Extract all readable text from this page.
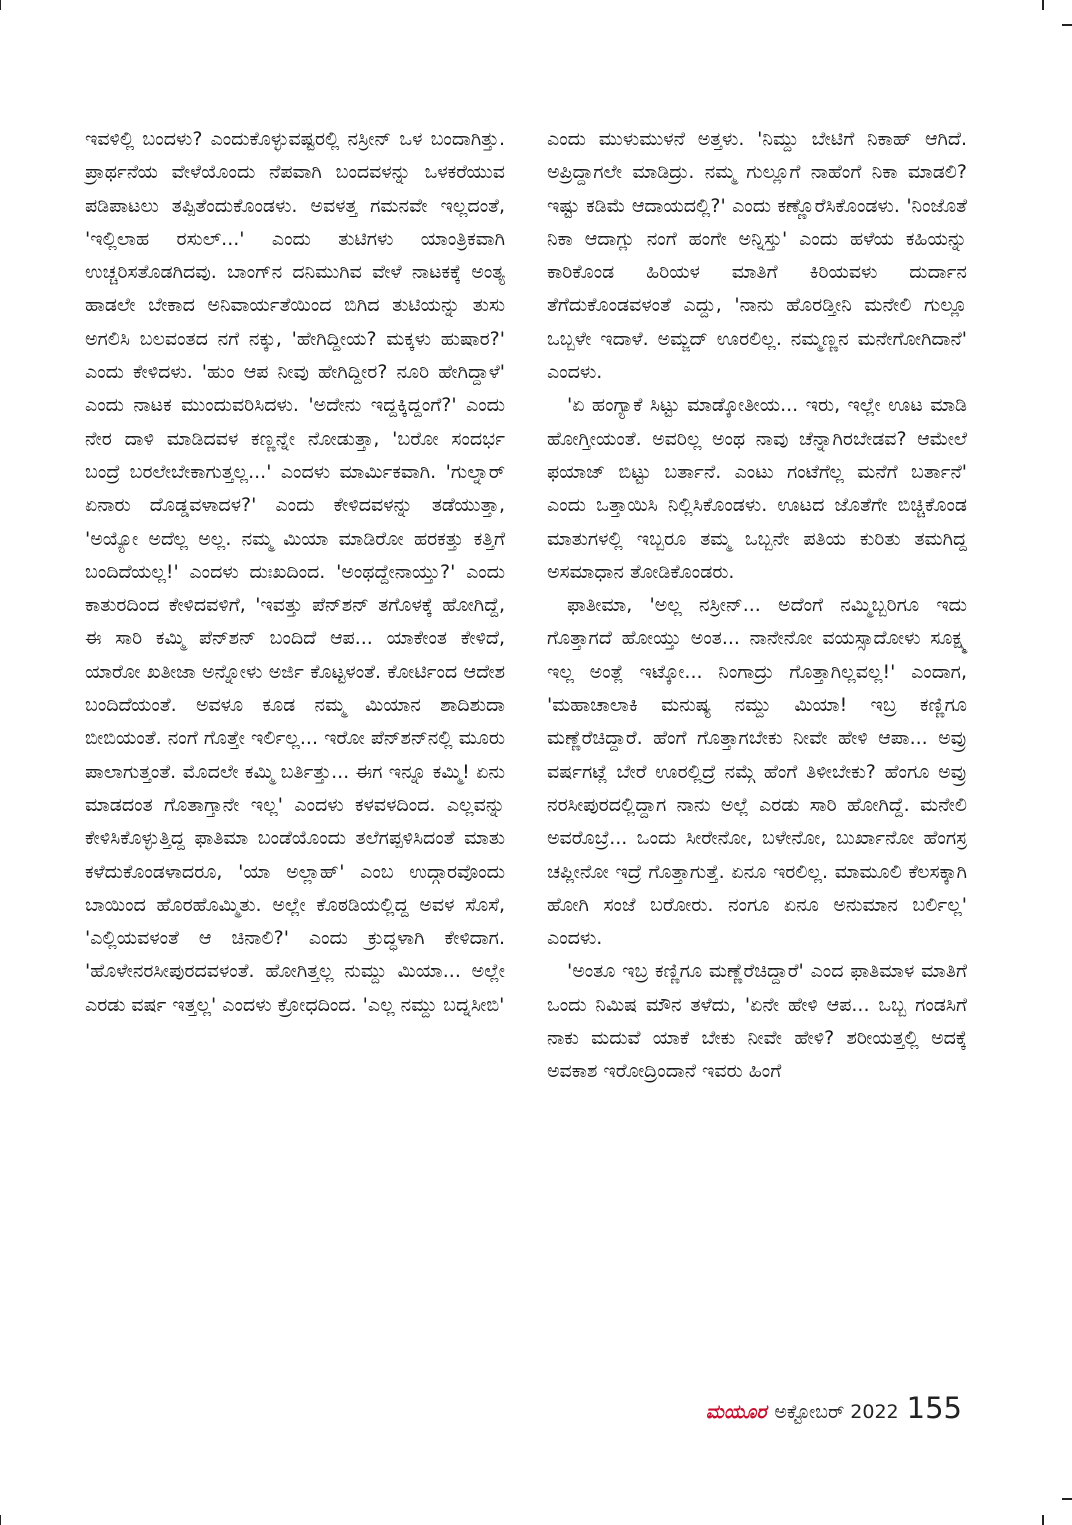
ಇವಳಿಲ್ಲಿ ಬಂದಳು? ಎಂದುಕೊಳ್ಳುವಷ್ಟರಲ್ಲಿ ನಸ್ರೀನ್ ಒಳ ಬಂದಾಗಿತ್ತು. ಪ್ರಾರ್ಥನೆಯ ವೇಳೆಯೊಂದು ನೆಪವಾಗಿ ಬಂದವಳನ್ನು ಒಳಕರೆಯುವ ಪಡಿಪಾಟಲು ತಪ್ಪಿತೆಂದುಕೊಂಡಳು. ಅವಳತ್ತ ಗಮನವೇ ಇಲ್ಲದಂತೆ, 'ಇಲ್ಲಿಲಾಹ ರಸುಲ್...' ಎಂದು ತುಟಿಗಳು ಯಾಂತ್ರಿಕವಾಗಿ ಉಚ್ಚರಿಸತೊಡಗಿದವು. ಬಾಂಗ್‌ನ ದನಿಮುಗಿವ ವೇಳೆ ನಾಟಕಕ್ಕೆ ಅಂತ್ಯ ಹಾಡಲೇ ಬೇಕಾದ ಅನಿವಾರ್ಯತೆಯಿಂದ ಬಿಗಿದ ತುಟಿಯನ್ನು ತುಸು ಅಗಲಿಸಿ ಬಲವಂತದ ನಗೆ ನಕ್ಕು, 'ಹೇಗಿದ್ದೀಯ? ಮಕ್ಕಳು ಹುಷಾರ?' ಎಂದು ಕೇಳಿದಳು. 'ಹುಂ ಆಪ ನೀವು ಹೇಗಿದ್ದೀರ? ನೂರಿ ಹೇಗಿದ್ದಾಳೆ' ಎಂದು ನಾಟಕ ಮುಂದುವರಿಸಿದಳು. 'ಅದೇನು ಇದ್ದಕ್ಕಿದ್ದಂಗೆ?' ಎಂದು ನೇರ ದಾಳಿ ಮಾಡಿದವಳ ಕಣ್ಣನ್ನೇ ನೋಡುತ್ತಾ, 'ಬರೋ ಸಂದರ್ಭ ಬಂದ್ರೆ ಬರಲೇಬೇಕಾಗುತ್ತಲ್ಲ...' ಎಂದಳು ಮಾರ್ಮಿಕವಾಗಿ. 'ಗುಲ್ನಾರ್ ಏನಾರು ದೊಡ್ಡವಳಾದಳ?' ಎಂದು ಕೇಳಿದವಳನ್ನು ತಡೆಯುತ್ತಾ, 'ಅಯ್ಯೋ ಅದೆಲ್ಲ ಅಲ್ಲ. ನಮ್ಮ ಮಿಯಾ ಮಾಡಿರೋ ಹರಕತ್ತು ಕತ್ತಿಗೆ ಬಂದಿದೆಯಲ್ಲ!' ಎಂದಳು ದುಃಖದಿಂದ. 'ಅಂಥದ್ದೇನಾಯ್ತು?' ಎಂದು ಕಾತುರದಿಂದ ಕೇಳಿದವಳಿಗೆ, 'ಇವತ್ತು ಪೆನ್‌ಶನ್ ತಗೊಳಕ್ಕೆ ಹೋಗಿದ್ದೆ, ಈ ಸಾರಿ ಕಮ್ಮಿ ಪೆನ್‌ಶನ್ ಬಂದಿದೆ ಆಪ... ಯಾಕೇಂತ ಕೇಳಿದೆ, ಯಾರೋ ಖತೀಜಾ ಅನ್ನೋಳು ಅರ್ಜಿ ಕೊಟ್ಟಳಂತೆ. ಕೋರ್ಟಿಂದ ಆದೇಶ ಬಂದಿದೆಯಂತೆ. ಅವಳೂ ಕೂಡ ನಮ್ಮ ಮಿಯಾನ ಶಾದಿಶುದಾ ಬೀಬಿಯಂತೆ. ನಂಗೆ ಗೊತ್ತೇ ಇರ್ಲಿಲ್ಲ... ಇರೋ ಪೆನ್‌ಶನ್‌ನಲ್ಲಿ ಮೂರು ಪಾಲಾಗುತ್ತಂತೆ. ಮೊದಲೇ ಕಮ್ಮಿ ಬರ್ತಿತ್ತು... ಈಗ ಇನ್ನೂ ಕಮ್ಮಿ! ಏನು ಮಾಡದಂತ ಗೊತಾಗ್ತಾನೇ ಇಲ್ಲ' ಎಂದಳು ಕಳವಳದಿಂದ. ಎಲ್ಲವನ್ನು ಕೇಳಿಸಿಕೊಳ್ಳುತ್ತಿದ್ದ ಫಾತಿಮಾ ಬಂಡೆಯೊಂದು ತಲೆಗಪ್ಪಳಿಸಿದಂತೆ ಮಾತು ಕಳೆದುಕೊಂಡಳಾದರೂ, 'ಯಾ ಅಲ್ಲಾಹ್' ಎಂಬ ಉದ್ಗಾರವೊಂದು ಬಾಯಿಂದ ಹೊರಹೊಮ್ಮಿತು. ಅಲ್ಲೇ ಕೊಠಡಿಯಲ್ಲಿದ್ದ ಅವಳ ಸೊಸೆ, 'ಎಲ್ಲಿಯವಳಂತೆ ಆ ಚಿನಾಲಿ?' ಎಂದು ಕ್ರುದ್ಧಳಾಗಿ ಕೇಳಿದಾಗ. 'ಹೊಳೇನರಸೀಪುರದವಳಂತೆ. ಹೋಗಿತ್ತಲ್ಲ ನುಮ್ದು ಮಿಯಾ... ಅಲ್ಲೇ ಎರಡು ವರ್ಷ ಇತ್ತಲ್ಲ' ಎಂದಳು ಕ್ರೋಧದಿಂದ. 'ಎಲ್ಲ ನಮ್ದು ಬದ್ನಸೀಬಿ'

ಎಂದು ಮುಳುಮುಳನೆ ಅತ್ತಳು. 'ನಿಮ್ದು ಬೇಟಿಗೆ ನಿಕಾಹ್ ಆಗಿದೆ. ಅಪ್ರಿದ್ದಾಗಲೇ ಮಾಡಿದ್ರು. ನಮ್ಮ ಗುಲ್ಲೂಗೆ ನಾಹೆಂಗೆ ನಿಕಾ ಮಾಡಲಿ? ಇಷ್ಟು ಕಡಿಮೆ ಆದಾಯದಲ್ಲಿ?' ಎಂದು ಕಣ್ಣೊರೆಸಿಕೊಂಡಳು. 'ನಿಂಜೊತೆ ನಿಕಾ ಆದಾಗ್ಲು ನಂಗೆ ಹಂಗೇ ಅನ್ನಿಸ್ತು' ಎಂದು ಹಳೆಯ ಕಹಿಯನ್ನು ಕಾರಿಕೊಂಡ ಹಿರಿಯಳ ಮಾತಿಗೆ ಕಿರಿಯವಳು ದುರ್ದಾನ ತೆಗೆದುಕೊಂಡವಳಂತೆ ಎದ್ದು, 'ನಾನು ಹೊರಡ್ತೀನಿ ಮನೇಲಿ ಗುಲ್ಲೂ ಒಬ್ಬಳೇ ಇದಾಳೆ. ಅಮ್ಜದ್ ಊರಲಿಲ್ಲ. ನಮ್ಮಣ್ಣನ ಮನೇಗೋಗಿದಾನೆ' ಎಂದಳು.

'ಏ ಹಂಗ್ಯಾಕೆ ಸಿಟ್ಟು ಮಾಡ್ಕೋತೀಯ... ಇರು, ಇಲ್ಲೇ ಊಟ ಮಾಡಿ ಹೋಗ್ತೀಯಂತೆ. ಅವರಿಲ್ಲ ಅಂಥ ನಾವು ಚೆನ್ನಾಗಿರಬೇಡವ? ಆಮೇಲೆ ಫಯಾಜ್ ಬಿಟ್ಟು ಬರ್ತಾನೆ. ಎಂಟು ಗಂಟೆಗೆಲ್ಲ ಮನೆಗೆ ಬರ್ತಾನೆ' ಎಂದು ಒತ್ತಾಯಿಸಿ ನಿಲ್ಲಿಸಿಕೊಂಡಳು. ಊಟದ ಜೊತೆಗೇ ಬಿಚ್ಚಿಕೊಂಡ ಮಾತುಗಳಲ್ಲಿ ಇಬ್ಬರೂ ತಮ್ಮ ಒಬ್ಬನೇ ಪತಿಯ ಕುರಿತು ತಮಗಿದ್ದ ಅಸಮಾಧಾನ ತೋಡಿಕೊಂಡರು.

ಫಾತೀಮಾ, 'ಅಲ್ಲ ನಸ್ರೀನ್... ಅದೆಂಗೆ ನಮ್ಮಿಬ್ಬರಿಗೂ ಇದು ಗೊತ್ತಾಗದೆ ಹೋಯ್ತು ಅಂತ... ನಾನೇನೋ ವಯಸ್ಸಾದೋಳು ಸೂಕ್ಷ್ಮ ಇಲ್ಲ ಅಂತ್ಲೆ ಇಟ್ಕೋ... ನಿಂಗಾದ್ರು ಗೊತ್ತಾಗಿಲ್ಲವಲ್ಲ!' ಎಂದಾಗ, 'ಮಹಾಚಾಲಾಕಿ ಮನುಷ್ಯ ನಮ್ದು ಮಿಯಾ! ಇಬ್ರ ಕಣ್ಣಿಗೂ ಮಣ್ಣೆರೆಚಿದ್ದಾರೆ. ಹೆಂಗೆ ಗೊತ್ತಾಗಬೇಕು ನೀವೇ ಹೇಳಿ ಆಪಾ... ಅವ್ರು ವರ್ಷಗಟ್ಲೆ ಬೇರೆ ಊರಲ್ಲಿದ್ರೆ ನಮ್ಗೆ ಹೆಂಗೆ ತಿಳೀಬೇಕು? ಹೆಂಗೂ ಅವ್ರು ನರಸೀಪುರದಲ್ಲಿದ್ದಾಗ ನಾನು ಅಲ್ಲೆ ಎರಡು ಸಾರಿ ಹೋಗಿದ್ದೆ. ಮನೇಲಿ ಅವರೊಬ್ರೆ... ಒಂದು ಸೀರೇನೋ, ಬಳೇನೋ, ಬುರ್ಖಾನೋ ಹೆಂಗಸ್ರ ಚಪ್ಲೀನೋ ಇದ್ರೆ ಗೊತ್ತಾಗುತ್ತೆ. ಏನೂ ಇರಲಿಲ್ಲ. ಮಾಮೂಲಿ ಕೆಲಸಕ್ಕಾಗಿ ಹೋಗಿ ಸಂಜೆ ಬರೋರು. ನಂಗೂ ಏನೂ ಅನುಮಾನ ಬರ್ಲಿಲ್ಲ' ಎಂದಳು.

'ಅಂತೂ ಇಬ್ರ ಕಣ್ಣಿಗೂ ಮಣ್ಣೆರೆಚಿದ್ದಾರೆ' ಎಂದ ಫಾತಿಮಾಳ ಮಾತಿಗೆ ಒಂದು ನಿಮಿಷ ಮೌನ ತಳೆದು, 'ಏನೇ ಹೇಳಿ ಆಪ... ಒಬ್ಬ ಗಂಡಸಿಗೆ ನಾಕು ಮದುವೆ ಯಾಕೆ ಬೇಕು ನೀವೇ ಹೇಳಿ? ಶರೀಯತ್ತಲ್ಲಿ ಅದಕ್ಕೆ ಅವಕಾಶ ಇರೋದ್ರಿಂದಾನೆ ಇವರು ಹಿಂಗೆ

ಮಯೂರ ಅಕ್ಟೋಬರ್ 2022 155
